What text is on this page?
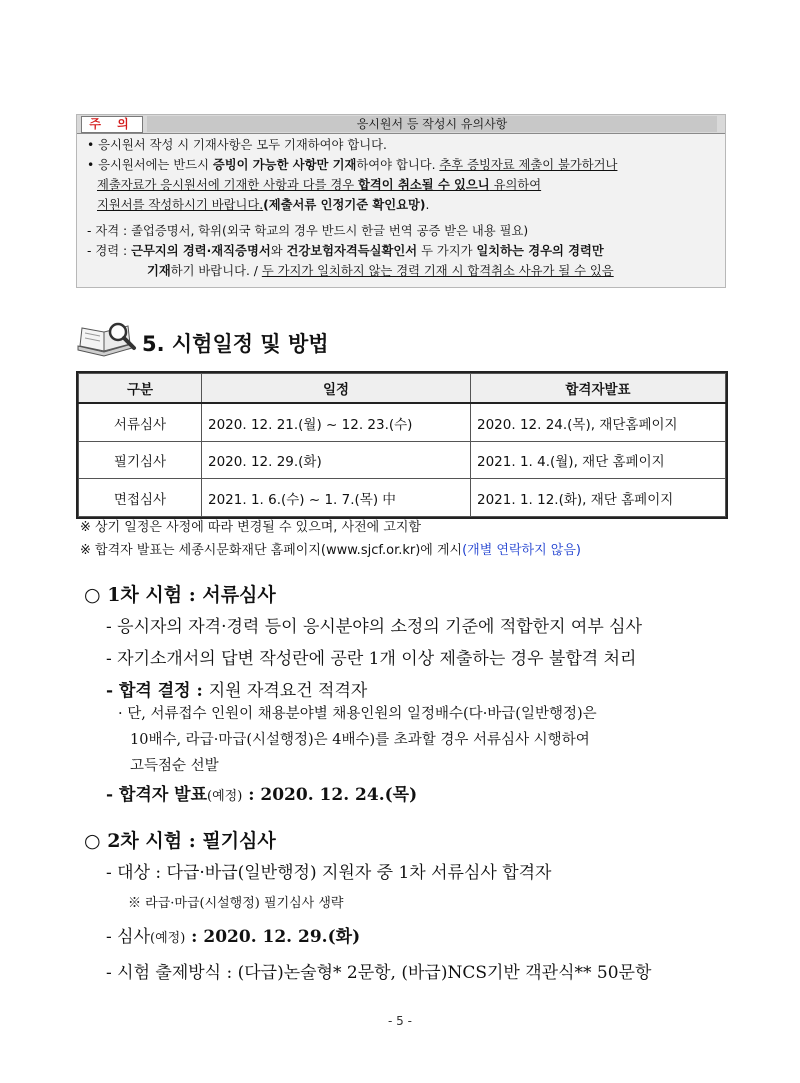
주 의	응시원서 등 작성시 유의사항
• 응시원서 작성 시 기재사항은 모두 기재하여야 합니다.
• 응시원서에는 반드시 증빙이 가능한 사항만 기재하여야 합니다. 추후 증빙자료 제출이 불가하거나
제출자료가 응시원서에 기재한 사항과 다를 경우 합격이 취소될 수 있으니 유의하여
지원서를 작성하시기 바랍니다.(제출서류 인정기준 확인요망).
- 자격 : 졸업증명서, 학위(외국 학교의 경우 반드시 한글 번역 공증 받은 내용 필요)
- 경력 : 근무지의 경력·재직증명서와 건강보험자격득실확인서 두 가지가 일치하는 경우의 경력만
기재하기 바랍니다. / 두 가지가 일치하지 않는 경력 기재 시 합격취소 사유가 될 수 있음
5. 시험일정 및 방법
구분	일정	합격자발표
서류심사	2020. 12. 21.(월) ~ 12. 23.(수)	2020. 12. 24.(목), 재단홈페이지
필기심사	2020. 12. 29.(화)	2021. 1. 4.(월), 재단 홈페이지
면접심사	2021. 1. 6.(수) ~ 1. 7.(목) 中	2021. 1. 12.(화), 재단 홈페이지
※ 상기 일정은 사정에 따라 변경될 수 있으며, 사전에 고지함
※ 합격자 발표는 세종시문화재단 홈페이지(www.sjcf.or.kr)에 게시(개별 연락하지 않음)
○ 1차 시험 : 서류심사
- 응시자의 자격·경력 등이 응시분야의 소정의 기준에 적합한지 여부 심사
- 자기소개서의 답변 작성란에 공란 1개 이상 제출하는 경우 불합격 처리
- 합격 결정 : 지원 자격요건 적격자
· 단, 서류접수 인원이 채용분야별 채용인원의 일정배수(다·바급(일반행정)은
10배수, 라급·마급(시설행정)은 4배수)를 초과할 경우 서류심사 시행하여
고득점순 선발
- 합격자 발표(예정) : 2020. 12. 24.(목)
○ 2차 시험 : 필기심사
- 대상 : 다급·바급(일반행정) 지원자 중 1차 서류심사 합격자
※ 라급·마급(시설행정) 필기심사 생략
- 심사(예정) : 2020. 12. 29.(화)
- 시험 출제방식 : (다급)논술형* 2문항, (바급)NCS기반 객관식** 50문항
- 5 -
